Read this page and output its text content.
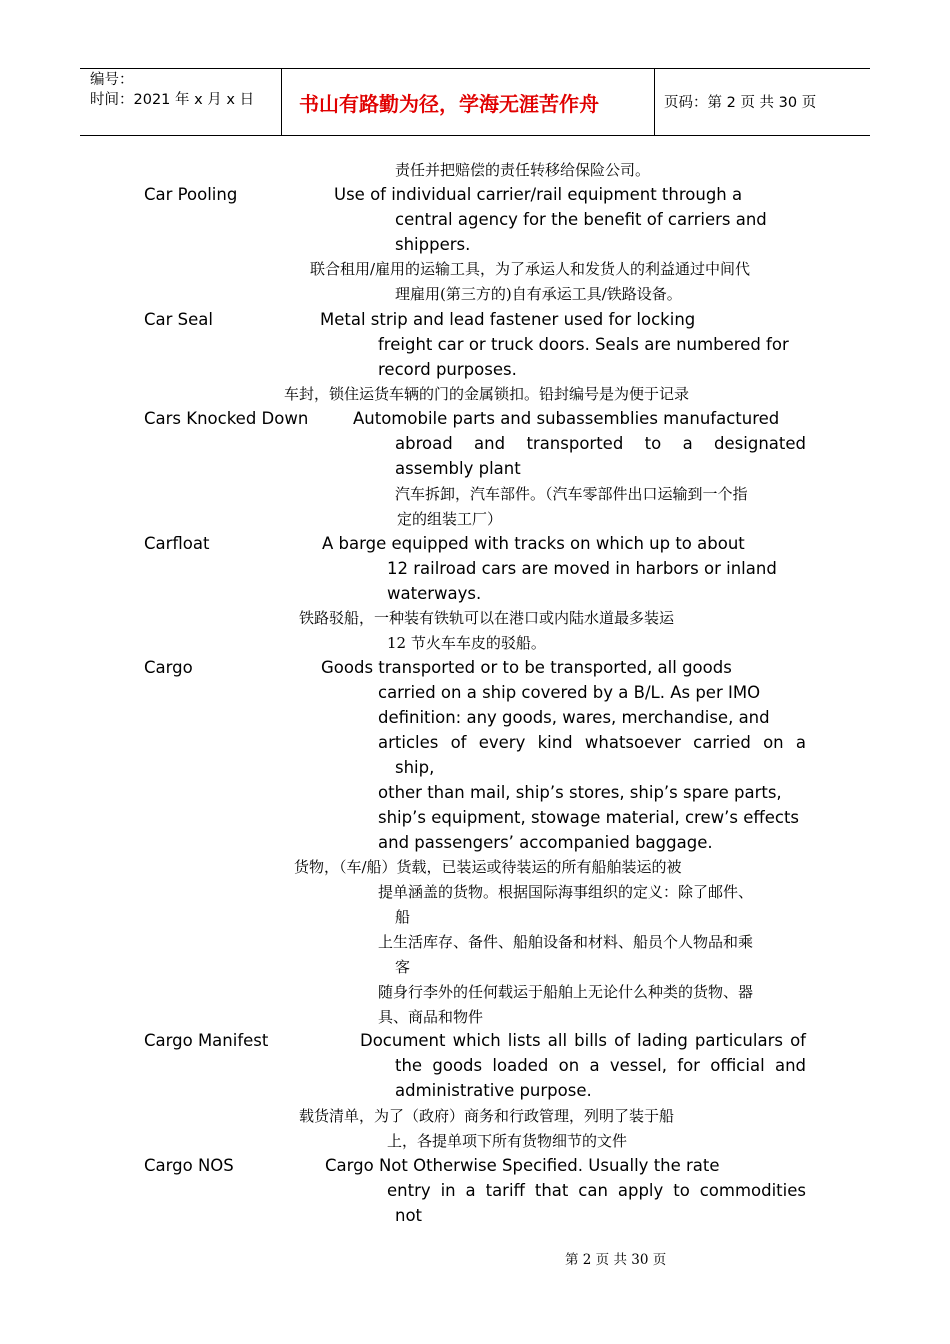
编号：
时间：2021 年 x 月 x 日 书山有路勤为径，学海无涯苦作舟	页码：第 2 页 共 30 页
责任并把赔偿的责任转移给保险公司。
Car Pooling	Use of individual carrier/rail equipment through a
central agency for the benefit of carriers and
shippers.
联合租用/雇用的运输工具，为了承运人和发货人的利益通过中间代
理雇用(第三方的)自有承运工具/铁路设备。
Car Seal	Metal strip and lead fastener used for locking
freight car or truck doors. Seals are numbered for
record purposes.
车封，锁住运货车辆的门的金属锁扣。铅封编号是为便于记录
Cars Knocked Down	Automobile parts and subassemblies manufactured
abroad and transported to a designated
assembly plant
汽车拆卸，汽车部件。（汽车零部件出口运输到一个指
定的组装工厂）
Carfloat	A barge equipped with tracks on which up to about
12 railroad cars are moved in harbors or inland
waterways.
铁路驳船，一种装有铁轨可以在港口或内陆水道最多装运
12 节火车车皮的驳船。
Cargo	Goods transported or to be transported, all goods
carried on a ship covered by a B/L. As per IMO
definition: any goods, wares, merchandise, and
articles of every kind whatsoever carried on a
ship,
other than mail, ship’s stores, ship’s spare parts,
ship’s equipment, stowage material, crew’s effects
and passengers’ accompanied baggage.
货物，（车/船）货载，已装运或待装运的所有船舶装运的被
提单涵盖的货物。根据国际海事组织的定义：除了邮件、
船
上生活库存、备件、船舶设备和材料、船员个人物品和乘
客
随身行李外的任何载运于船舶上无论什么种类的货物、器
具、商品和物件
Cargo Manifest	Document which lists all bills of lading particulars of
the goods loaded on a vessel, for official and
administrative purpose.
载货清单，为了（政府）商务和行政管理，列明了装于船
上，各提单项下所有货物细节的文件
Cargo NOS	Cargo Not Otherwise Specified. Usually the rate
entry in a tariff that can apply to commodities
not
第 2 页 共 30 页
